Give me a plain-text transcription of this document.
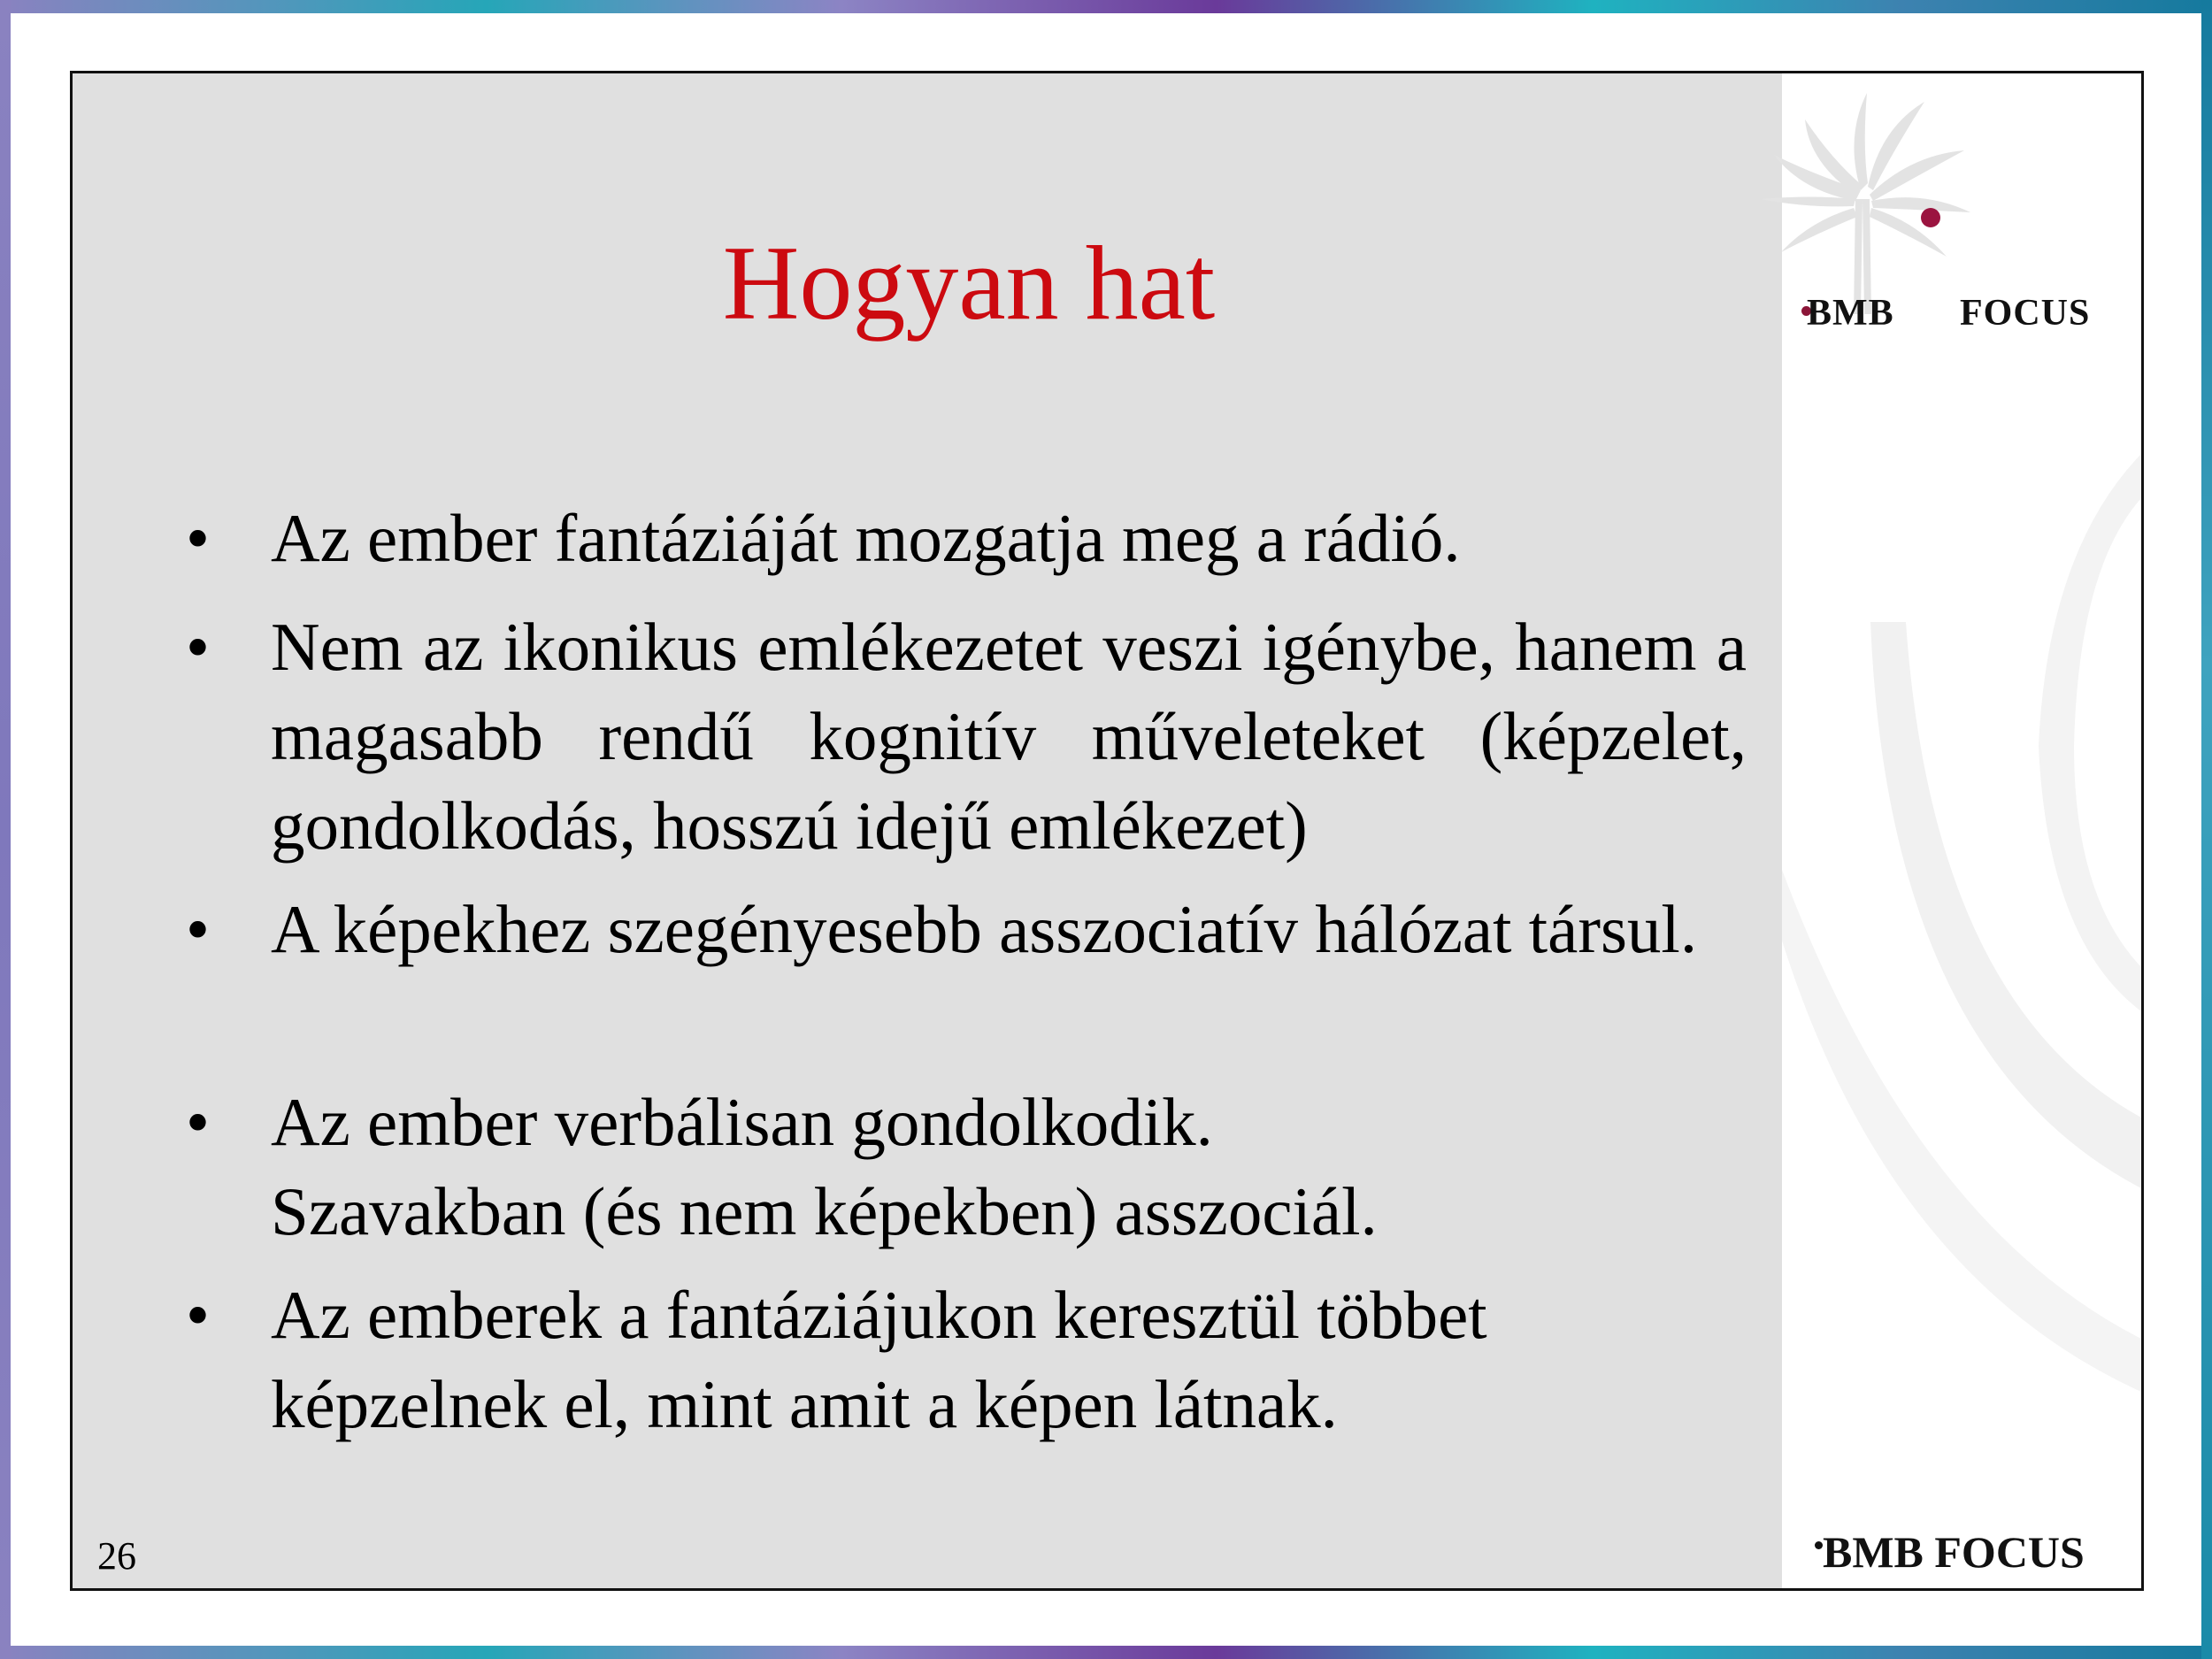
BMB FOCUS
Hogyan hat
• Az ember fantáziáját mozgatja meg a rádió.
• Nem az ikonikus emlékezetet veszi igénybe, hanem a magasabb rendű kognitív műveleteket (képzelet, gondolkodás, hosszú idejű emlékezet)
• A képekhez szegényesebb asszociatív hálózat társul.
• Az ember verbálisan gondolkodik.
Szavakban (és nem képekben) asszociál.
• Az emberek a fantáziájukon keresztül többet
képzelnek el, mint amit a képen látnak.
26	BMB FOCUS
